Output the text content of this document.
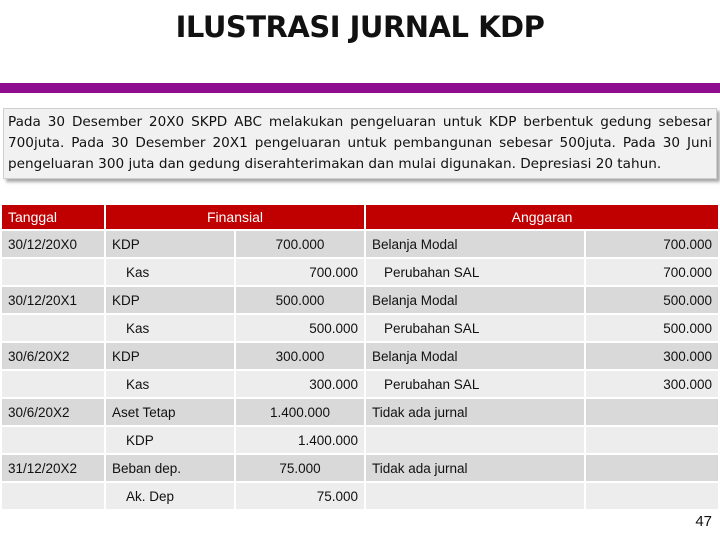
ILUSTRASI JURNAL KDP
Pada 30 Desember 20X0 SKPD ABC melakukan pengeluaran untuk KDP berbentuk gedung sebesar 700juta. Pada 30 Desember 20X1 pengeluaran untuk pembangunan sebesar 500juta. Pada 30 Juni pengeluaran 300 juta dan gedung diserahterimakan dan mulai digunakan. Depresiasi 20 tahun.
Tanggal	Finansial		Anggaran	
30/12/20X0	KDP	700.000	Belanja Modal	700.000
	Kas	700.000	Perubahan SAL	700.000
30/12/20X1	KDP	500.000	Belanja Modal	500.000
	Kas	500.000	Perubahan SAL	500.000
30/6/20X2	KDP	300.000	Belanja Modal	300.000
	Kas	300.000	Perubahan SAL	300.000
30/6/20X2	Aset Tetap	1.400.000	Tidak ada jurnal	
	KDP	1.400.000		
31/12/20X2	Beban dep.	75.000	Tidak ada jurnal	
	Ak. Dep	75.000		
47
